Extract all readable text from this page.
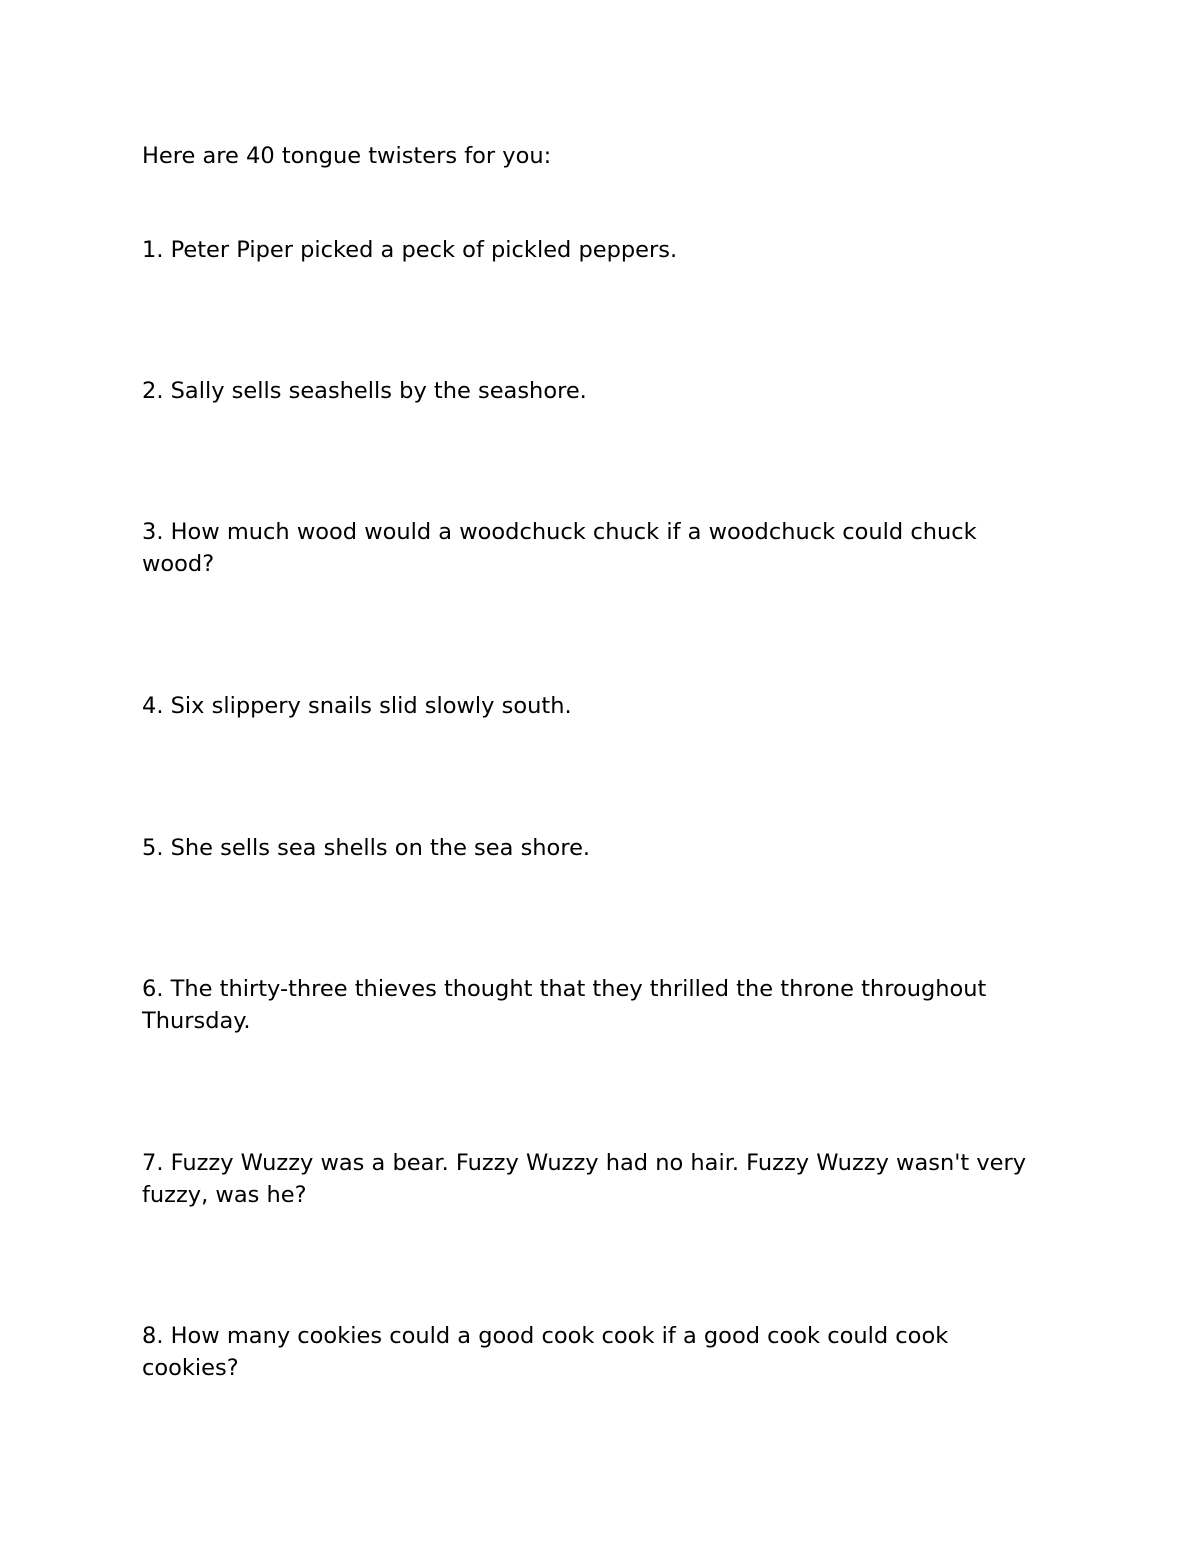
Here are 40 tongue twisters for you:

1. Peter Piper picked a peck of pickled peppers.

2. Sally sells seashells by the seashore.

3. How much wood would a woodchuck chuck if a woodchuck could chuck wood?

4. Six slippery snails slid slowly south.

5. She sells sea shells on the sea shore.

6. The thirty-three thieves thought that they thrilled the throne throughout Thursday.

7. Fuzzy Wuzzy was a bear. Fuzzy Wuzzy had no hair. Fuzzy Wuzzy wasn't very fuzzy, was he?

8. How many cookies could a good cook cook if a good cook could cook cookies?
